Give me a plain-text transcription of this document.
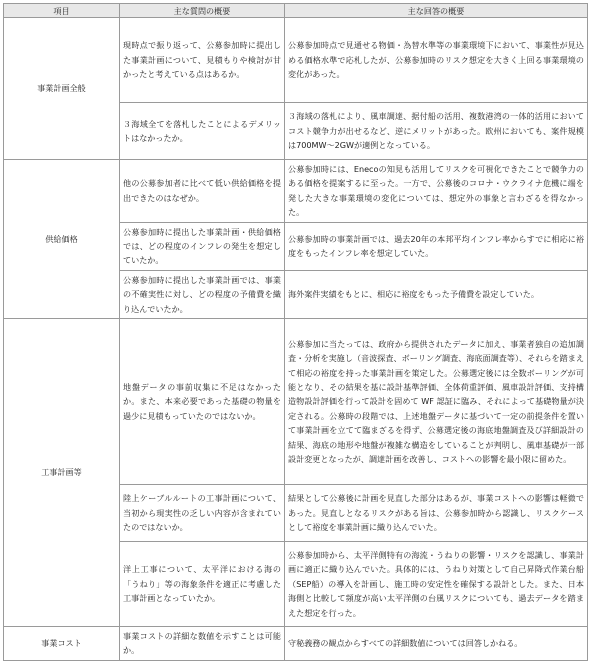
項目	主な質問の概要	主な回答の概要
事業計画全般	現時点で振り返って、公募参加時に提出した事業計画について、見積もりや検討が甘かったと考えている点はあるか。	公募参加時点で見通せる物価・為替水準等の事業環境下において、事業性が見込める価格水準で応札したが、公募参加時のリスク想定を大きく上回る事業環境の変化があった。
	３海域全てを落札したことによるデメリットはなかったか。	３海域の落札により、風車調達、据付船の活用、複数港湾の一体的活用においてコスト競争力が出せるなど、逆にメリットがあった。欧州においても、案件規模は700MW～2GWが適例となっている。
供給価格	他の公募参加者に比べて低い供給価格を提出できたのはなぜか。	公募参加時には、Enecoの知見も活用してリスクを可視化できたことで競争力のある価格を提案するに至った。一方で、公募後のコロナ・ウクライナ危機に端を発した大きな事業環境の変化については、想定外の事象と言わざるを得なかった。
	公募参加時に提出した事業計画・供給価格では、どの程度のインフレの発生を想定していたか。	公募参加時の事業計画では、過去20年の本邦平均インフレ率からすでに相応に裕度をもったインフレ率を想定していた。
	公募参加時に提出した事業計画では、事業の不確実性に対し、どの程度の予備費を織り込んでいたか。	海外案件実績をもとに、相応に裕度をもった予備費を設定していた。
工事計画等	地盤データの事前収集に不足はなかったか。また、本来必要であった基礎の物量を過少に見積もっていたのではないか。	公募参加に当たっては、政府から提供されたデータに加え、事業者独自の追加調査・分析を実施し（音波探査、ボーリング調査、海底面調査等）、それらを踏まえて相応の裕度を持った事業計画を策定した。公募選定後には全数ボーリングが可能となり、その結果を基に設計基準評価、全体荷重評価、風車設計評価、支持構造物設計評価を行って設計を固めて WF 認証に臨み、それによって基礎物量が決定される。公募時の段階では、上述地盤データに基づいて一定の前提条件を置いて事業計画を立てて臨まざるを得ず、公募選定後の海底地盤調査及び詳細設計の結果、海底の地形や地盤が複雑な構造をしていることが判明し、風車基礎が一部設計変更となったが、調達計画を改善し、コストへの影響を最小限に留めた。
	陸上ケーブルルートの工事計画について、当初から現実性の乏しい内容が含まれていたのではないか。	結果として公募後に計画を見直した部分はあるが、事業コストへの影響は軽微であった。見直しとなるリスクがある旨は、公募参加時から認識し、リスクケースとして裕度を事業計画に織り込んでいた。
	洋上工事について、太平洋における海の「うねり」等の海象条件を適正に考慮した工事計画となっていたか。	公募参加時から、太平洋側特有の海流・うねりの影響・リスクを認識し、事業計画に適正に織り込んでいた。具体的には、うねり対策として自己昇降式作業台船（SEP船）の導入を計画し、施工時の安定性を確保する設計とした。また、日本海側と比較して頻度が高い太平洋側の台風リスクについても、過去データを踏まえた想定を行った。
事業コスト	事業コストの詳細な数値を示すことは可能か。	守秘義務の観点からすべての詳細数値については回答しかねる。
